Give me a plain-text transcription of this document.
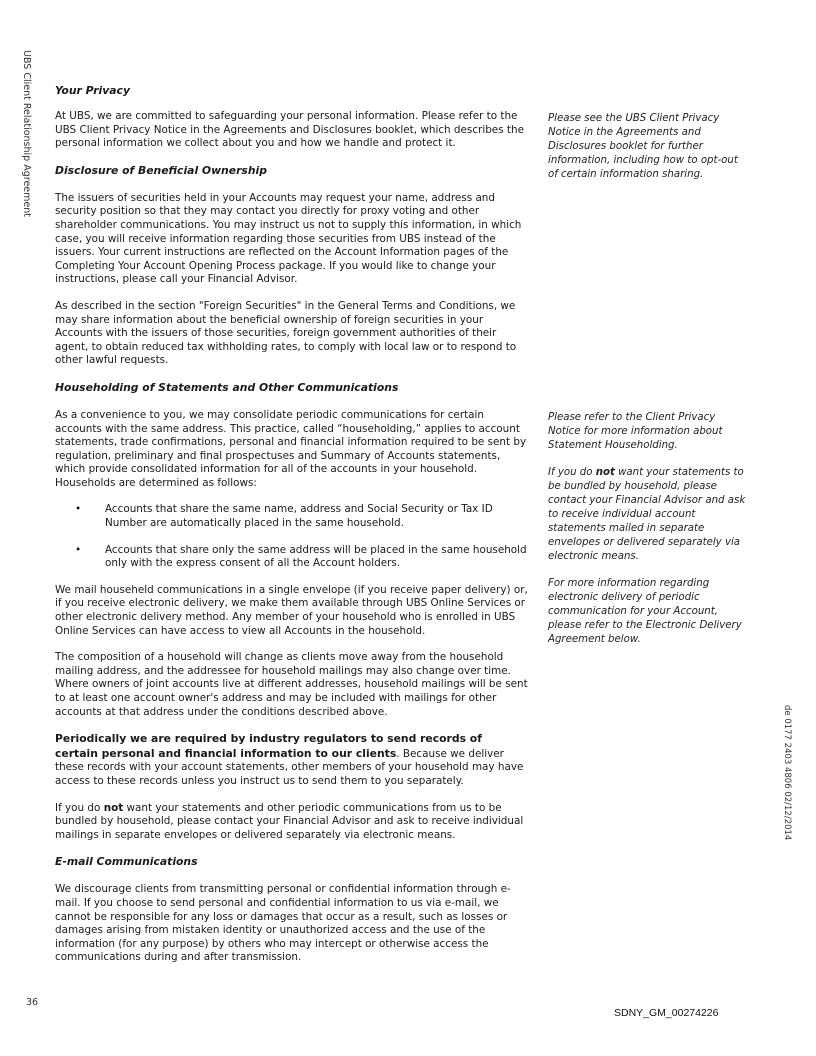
UBS Client Relationship Agreement
de 0177 2403 4806 02/12/2014
Your Privacy

At UBS, we are committed to safeguarding your personal information. Please refer to the UBS Client Privacy Notice in the Agreements and Disclosures booklet, which describes the personal information we collect about you and how we handle and protect it.

Disclosure of Beneficial Ownership

The issuers of securities held in your Accounts may request your name, address and security position so that they may contact you directly for proxy voting and other shareholder communications. You may instruct us not to supply this information, in which case, you will receive information regarding those securities from UBS instead of the issuers. Your current instructions are reflected on the Account Information pages of the Completing Your Account Opening Process package. If you would like to change your instructions, please call your Financial Advisor.

As described in the section "Foreign Securities" in the General Terms and Conditions, we may share information about the beneficial ownership of foreign securities in your Accounts with the issuers of those securities, foreign government authorities of their agent, to obtain reduced tax withholding rates, to comply with local law or to respond to other lawful requests.

Householding of Statements and Other Communications

As a convenience to you, we may consolidate periodic communications for certain accounts with the same address. This practice, called “householding,” applies to account statements, trade confirmations, personal and financial information required to be sent by regulation, preliminary and final prospectuses and Summary of Accounts statements, which provide consolidated information for all of the accounts in your household. Households are determined as follows:

• Accounts that share the same name, address and Social Security or Tax ID Number are automatically placed in the same household.
• Accounts that share only the same address will be placed in the same household only with the express consent of all the Account holders.

We mail househeld communications in a single envelope (if you receive paper delivery) or, if you receive electronic delivery, we make them available through UBS Online Services or other electronic delivery method. Any member of your household who is enrolled in UBS Online Services can have access to view all Accounts in the household.

The composition of a household will change as clients move away from the household mailing address, and the addressee for household mailings may also change over time. Where owners of joint accounts live at different addresses, household mailings will be sent to at least one account owner's address and may be included with mailings for other accounts at that address under the conditions described above.

Periodically we are required by industry regulators to send records of certain personal and financial information to our clients. Because we deliver these records with your account statements, other members of your household may have access to these records unless you instruct us to send them to you separately.

If you do not want your statements and other periodic communications from us to be bundled by household, please contact your Financial Advisor and ask to receive individual mailings in separate envelopes or delivered separately via electronic means.

E-mail Communications

We discourage clients from transmitting personal or confidential information through e-mail. If you choose to send personal and confidential information to us via e-mail, we cannot be responsible for any loss or damages that occur as a result, such as losses or damages arising from mistaken identity or unauthorized access and the use of the information (for any purpose) by others who may intercept or otherwise access the communications during and after transmission.

Please see the UBS Client Privacy Notice in the Agreements and Disclosures booklet for further information, including how to opt-out of certain information sharing.
Please refer to the Client Privacy Notice for more information about Statement Householding.
If you do not want your statements to be bundled by household, please contact your Financial Advisor and ask to receive individual account statements mailed in separate envelopes or delivered separately via electronic means.
For more information regarding electronic delivery of periodic communication for your Account, please refer to the Electronic Delivery Agreement below.
36
SDNY_GM_00274226
